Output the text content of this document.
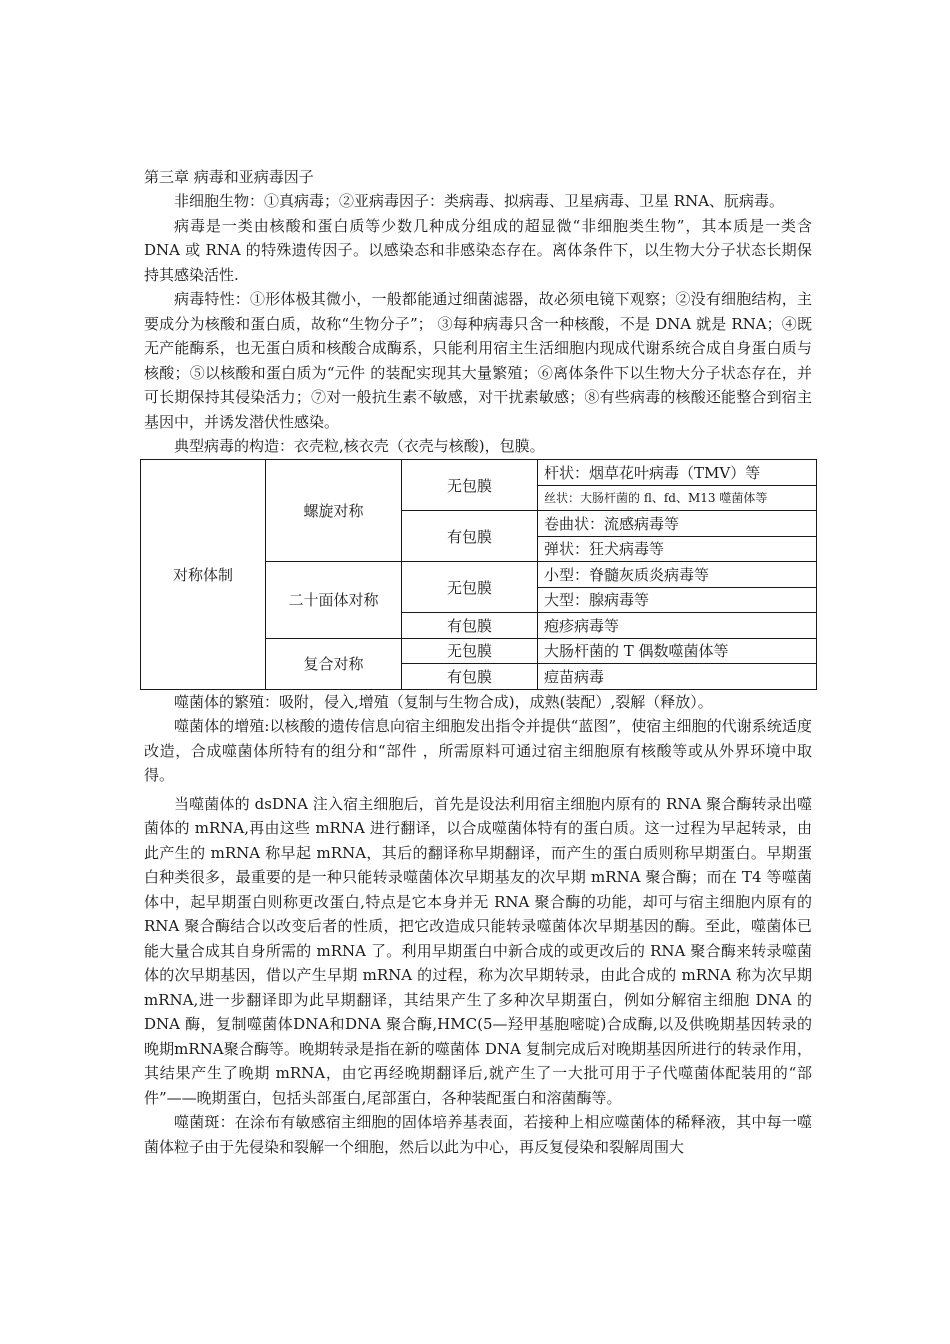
第三章 病毒和亚病毒因子

非细胞生物：①真病毒；②亚病毒因子：类病毒、拟病毒、卫星病毒、卫星 RNA、朊病毒。

病毒是一类由核酸和蛋白质等少数几种成分组成的超显微“非细胞类生物”，其本质是一类含 DNA 或 RNA 的特殊遗传因子。以感染态和非感染态存在。离体条件下，以生物大分子状态长期保持其感染活性.

病毒特性：①形体极其微小，一般都能通过细菌滤器，故必须电镜下观察；②没有细胞结构，主要成分为核酸和蛋白质，故称“生物分子”； ③每种病毒只含一种核酸，不是 DNA 就是 RNA；④既无产能酶系，也无蛋白质和核酸合成酶系，只能利用宿主生活细胞内现成代谢系统合成自身蛋白质与核酸；⑤以核酸和蛋白质为“元件 的装配实现其大量繁殖；⑥离体条件下以生物大分子状态存在，并可长期保持其侵染活力；⑦对一般抗生素不敏感，对干扰素敏感；⑧有些病毒的核酸还能整合到宿主基因中，并诱发潜伏性感染。

典型病毒的构造：衣壳粒,核衣壳（衣壳与核酸)，包膜。

对称体制	螺旋对称	无包膜	杆状：烟草花叶病毒（TMV）等
			丝状：大肠杆菌的 fl、fd、M13 噬菌体等
		有包膜	卷曲状：流感病毒等
			弹状：狂犬病毒等
	二十面体对称	无包膜	小型：脊髓灰质炎病毒等
			大型：腺病毒等
		有包膜	疱疹病毒等
	复合对称	无包膜	大肠杆菌的 T 偶数噬菌体等
		有包膜	痘苗病毒

噬菌体的繁殖：吸附，侵入,增殖（复制与生物合成)，成熟(装配）,裂解（释放）。

噬菌体的增殖:以核酸的遗传信息向宿主细胞发出指令并提供“蓝图”，使宿主细胞的代谢系统适度改造，合成噬菌体所特有的组分和“部件 ，所需原料可通过宿主细胞原有核酸等或从外界环境中取得。

当噬菌体的 dsDNA 注入宿主细胞后，首先是设法利用宿主细胞内原有的 RNA 聚合酶转录出噬菌体的 mRNA,再由这些 mRNA 进行翻译，以合成噬菌体特有的蛋白质。这一过程为早起转录，由此产生的 mRNA 称早起 mRNA，其后的翻译称早期翻译，而产生的蛋白质则称早期蛋白。早期蛋白种类很多，最重要的是一种只能转录噬菌体次早期基友的次早期 mRNA 聚合酶；而在 T4 等噬菌体中，起早期蛋白则称更改蛋白,特点是它本身并无 RNA 聚合酶的功能，却可与宿主细胞内原有的 RNA 聚合酶结合以改变后者的性质，把它改造成只能转录噬菌体次早期基因的酶。至此，噬菌体已能大量合成其自身所需的 mRNA 了。利用早期蛋白中新合成的或更改后的 RNA 聚合酶来转录噬菌体的次早期基因，借以产生早期 mRNA 的过程，称为次早期转录，由此合成的 mRNA 称为次早期 mRNA,进一步翻译即为此早期翻译，其结果产生了多种次早期蛋白，例如分解宿主细胞 DNA 的 DNA 酶，复制噬菌体DNA和DNA 聚合酶,HMC(5—羟甲基胞嘧啶)合成酶,以及供晚期基因转录的晚期mRNA聚合酶等。晚期转录是指在新的噬菌体 DNA 复制完成后对晚期基因所进行的转录作用，其结果产生了晚期 mRNA，由它再经晚期翻译后,就产生了一大批可用于子代噬菌体配装用的“部件”——晚期蛋白，包括头部蛋白,尾部蛋白，各种装配蛋白和溶菌酶等。

噬菌斑：在涂布有敏感宿主细胞的固体培养基表面，若接种上相应噬菌体的稀释液，其中每一噬菌体粒子由于先侵染和裂解一个细胞，然后以此为中心，再反复侵染和裂解周围大
